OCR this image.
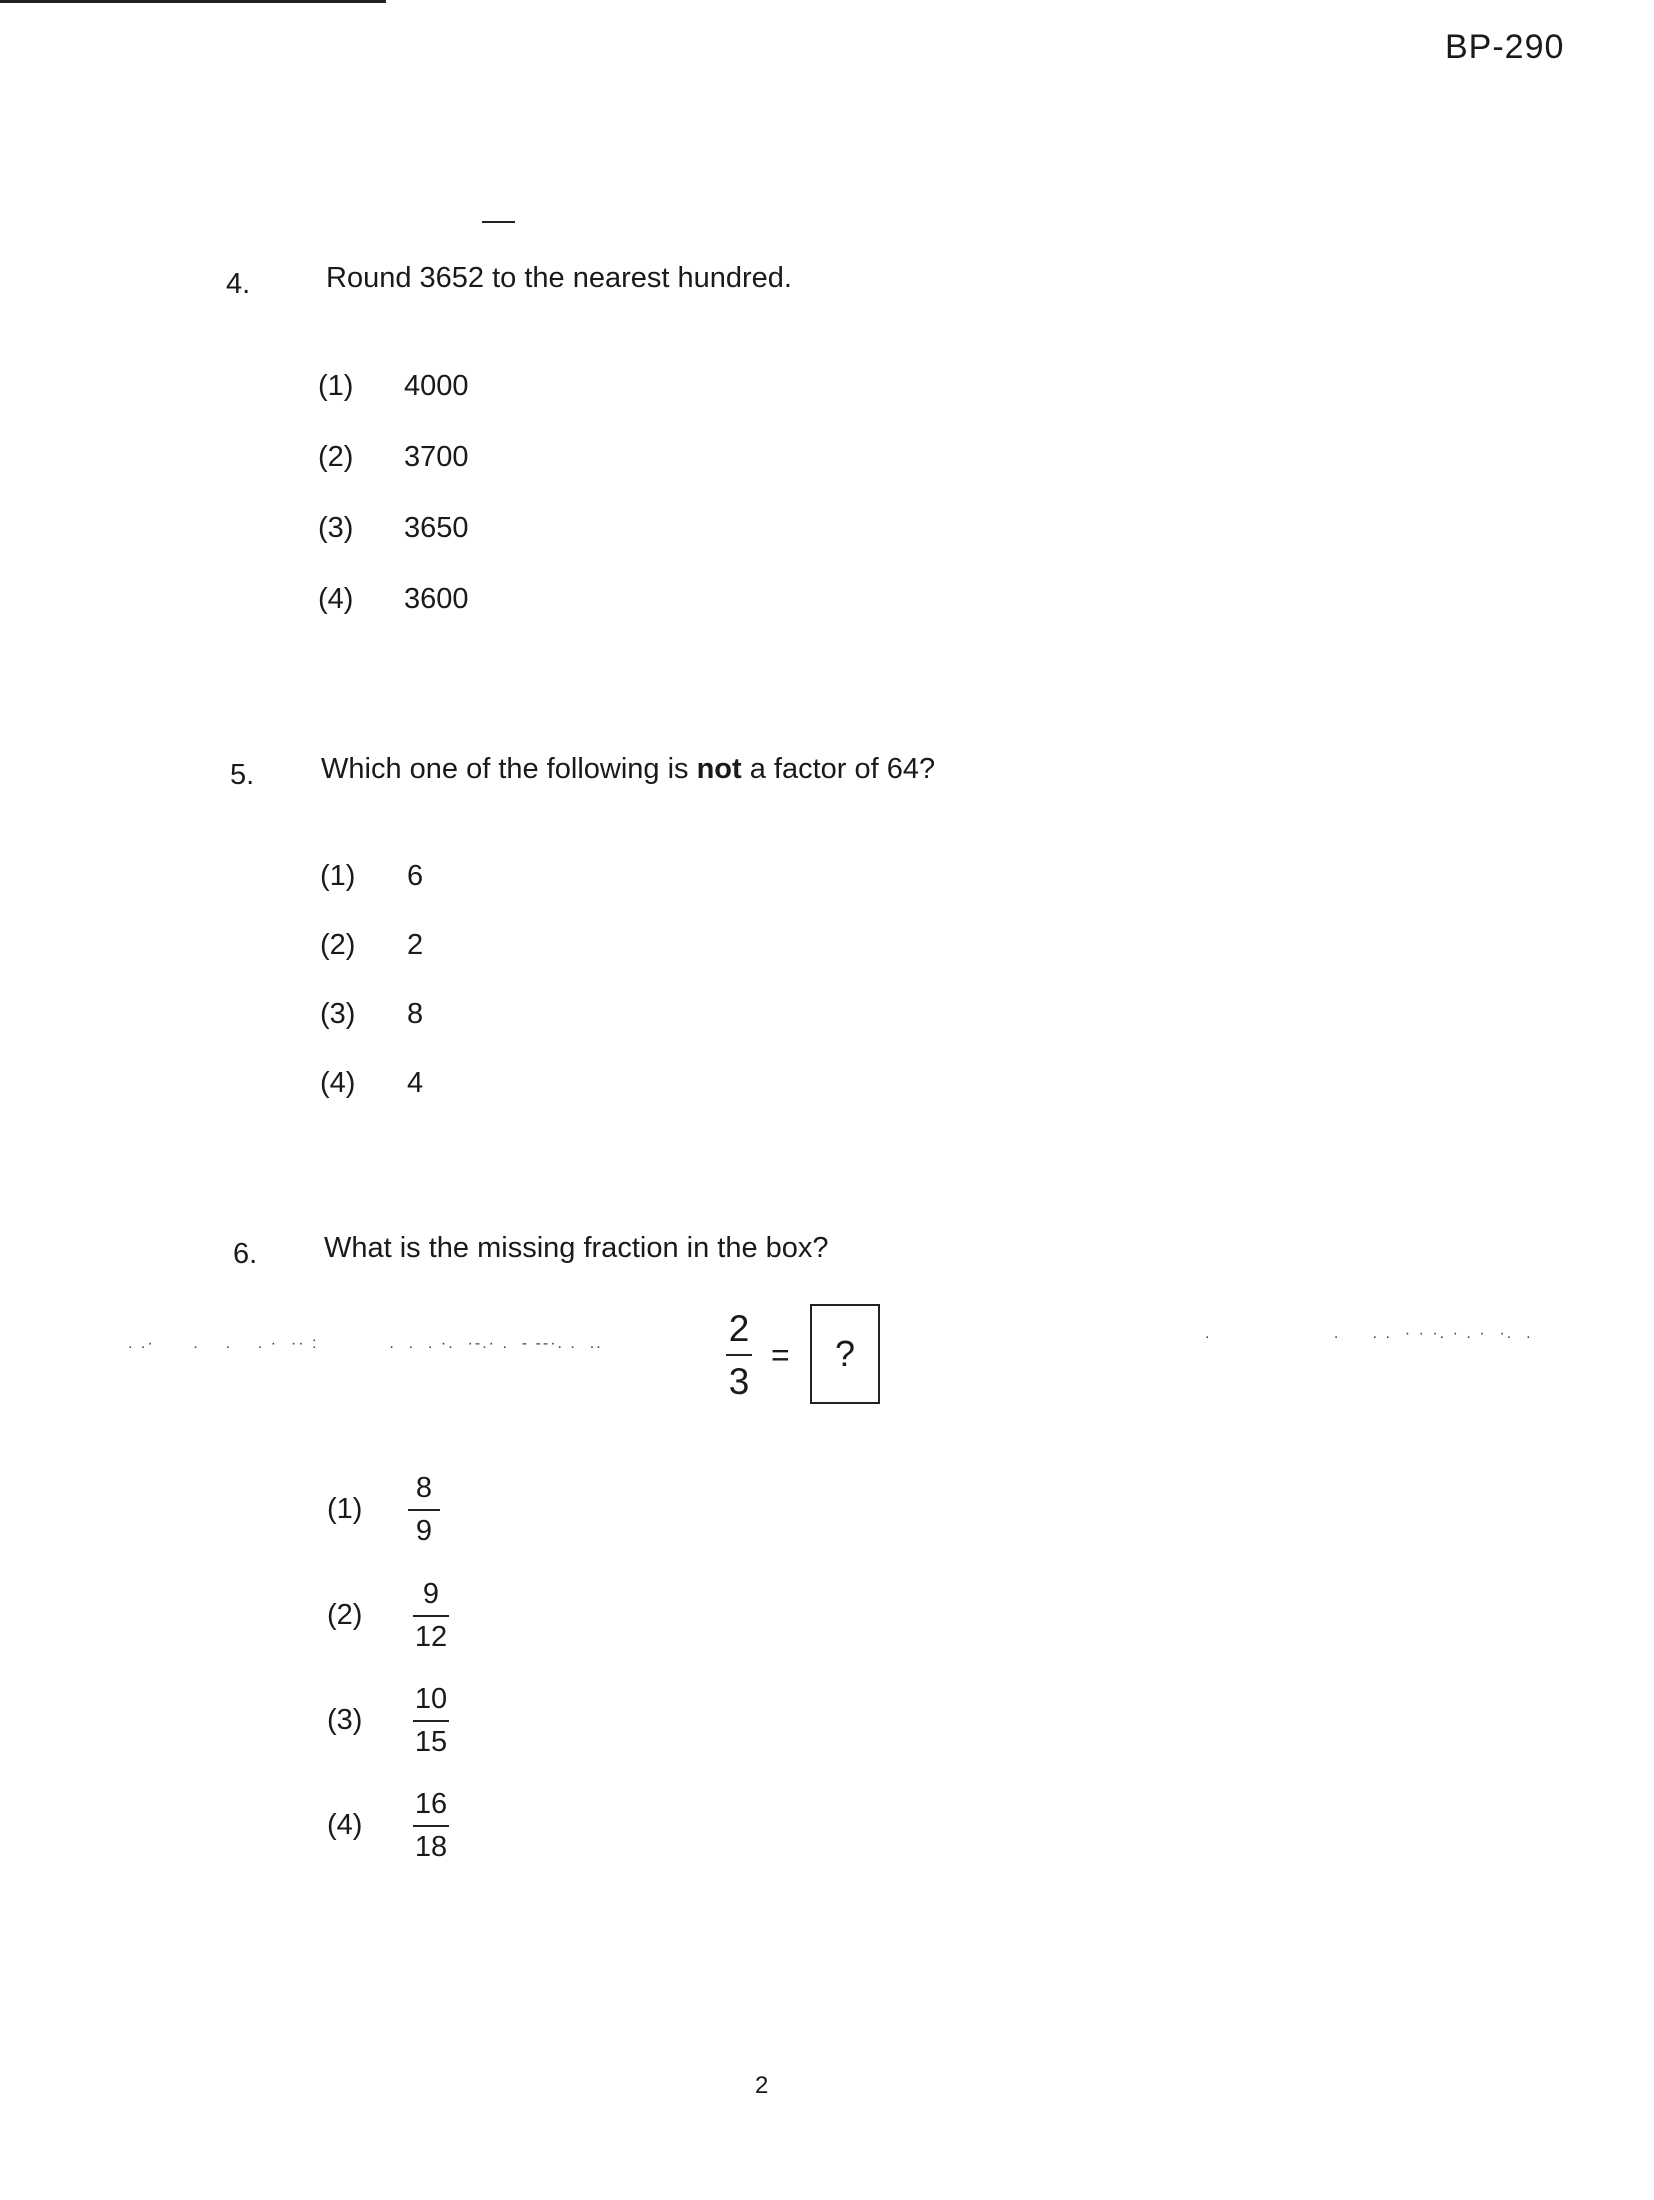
BP-290
4.	Round 3652 to the nearest hundred.
(1) 4000
(2) 3700
(3) 3650
(4) 3600
5. Which one of the following is not a factor of 64?
(1) 6
(2) 2
(3) 8
(4) 4
6. What is the missing fraction in the box?
. .·      .    .    . ·  ·· :           .  .  . ·.  ·-.· .  - --·. .  ..
.                   .     . .  · · ·. · . ·  ·.  .
2
3
= ?
(1)
8
9
(2)
9
12
(3)
10
15
(4)
16
18
2
